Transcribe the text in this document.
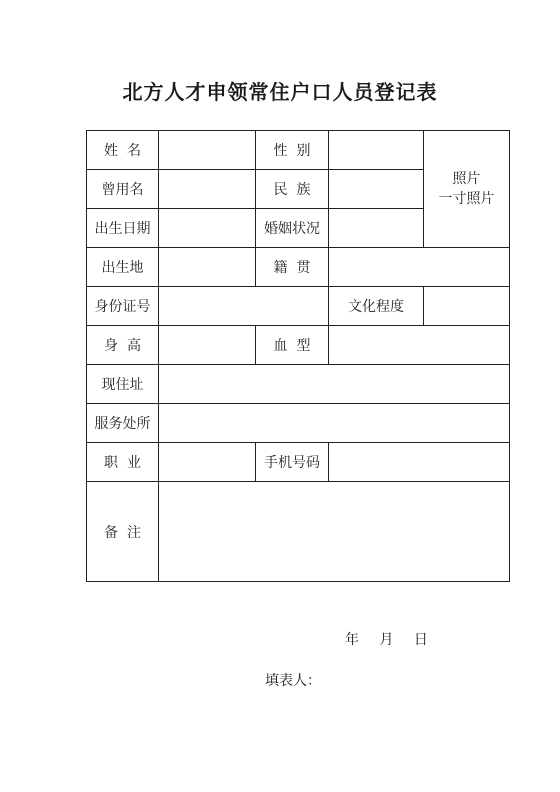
北方人才申领常住户口人员登记表
姓  名		性  别		照片
一寸照片

曾用名		民  族		
出生日期		婚姻状况		
出生地		籍  贯		
身份证号			文化程度	
身  高		血  型		
现住址				
服务处所				
职  业		手机号码		
备  注				
年 月 日
填表人：
